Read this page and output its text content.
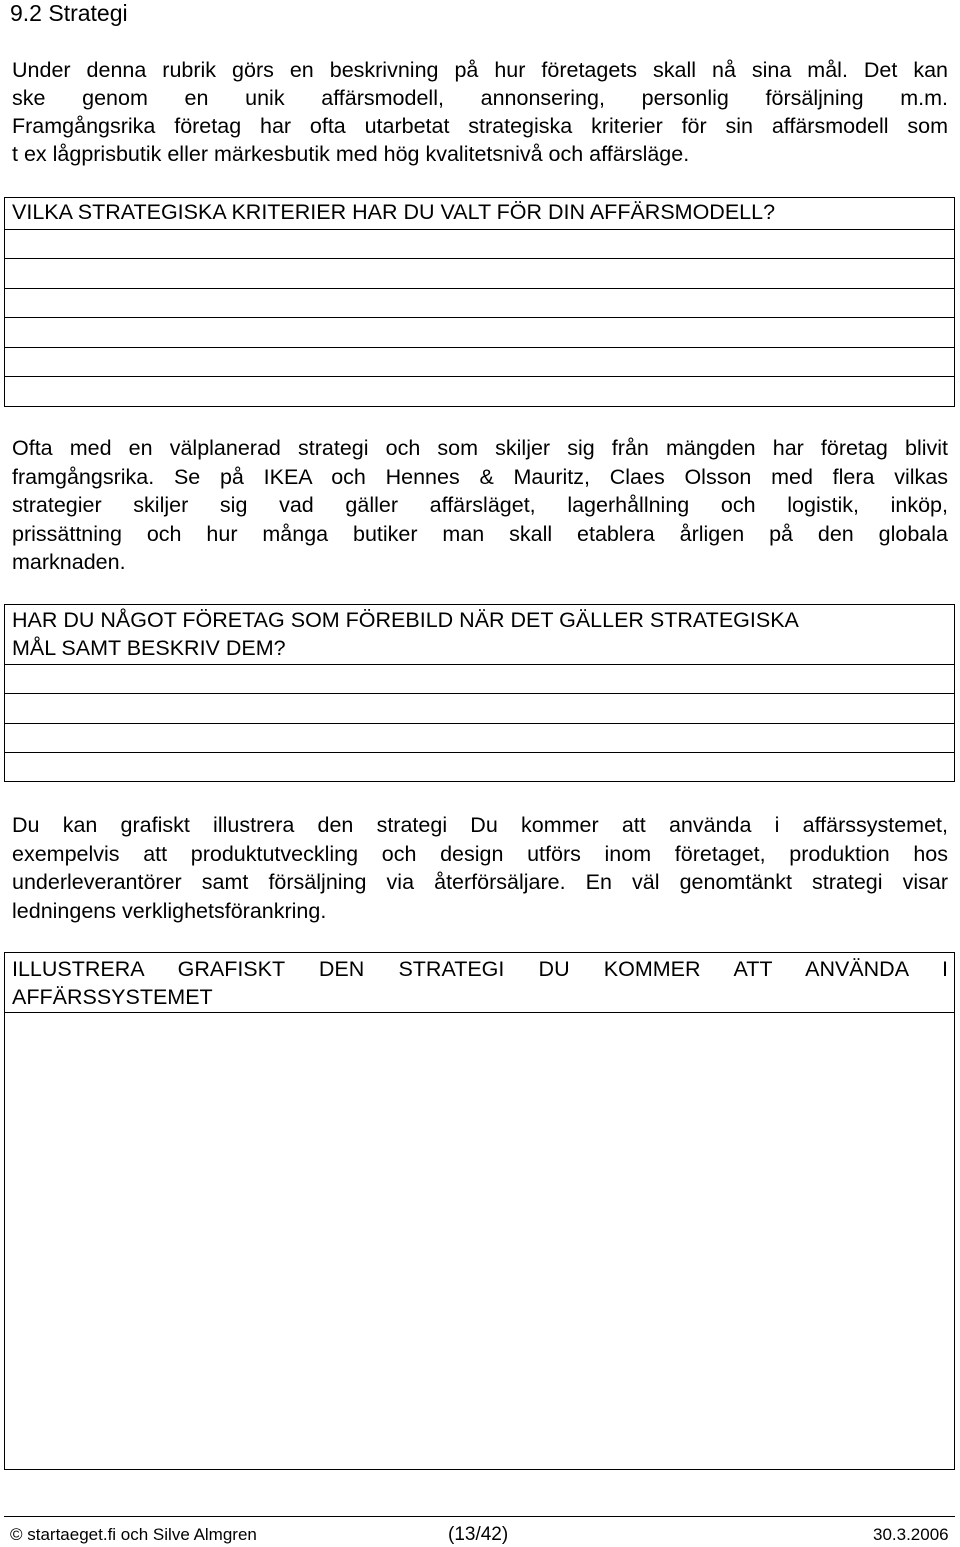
9.2 Strategi
Under denna rubrik görs en beskrivning på hur företagets skall nå sina mål. Det kan
ske genom en unik affärsmodell, annonsering, personlig försäljning m.m.
Framgångsrika företag har ofta utarbetat strategiska kriterier för sin affärsmodell som
t ex lågprisbutik eller märkesbutik med hög kvalitetsnivå och affärsläge.
VILKA STRATEGISKA KRITERIER HAR DU VALT FÖR DIN AFFÄRSMODELL?
Ofta med en välplanerad strategi och som skiljer sig från mängden har företag blivit
framgångsrika. Se på IKEA och Hennes & Mauritz, Claes Olsson med flera vilkas
strategier skiljer sig vad gäller affärsläget, lagerhållning och logistik, inköp,
prissättning och hur många butiker man skall etablera årligen på den globala
marknaden.
HAR DU NÅGOT FÖRETAG SOM FÖREBILD NÄR DET GÄLLER STRATEGISKA
MÅL SAMT BESKRIV DEM?
Du kan grafiskt illustrera den strategi Du kommer att använda i affärssystemet,
exempelvis att produktutveckling och design utförs inom företaget, produktion hos
underleverantörer samt försäljning via återförsäljare. En väl genomtänkt strategi visar
ledningens verklighetsförankring.
ILLUSTRERA GRAFISKT DEN STRATEGI DU KOMMER ATT ANVÄNDA I
AFFÄRSSYSTEMET
© startaeget.fi och Silve Almgren	(13/42)	30.3.2006
